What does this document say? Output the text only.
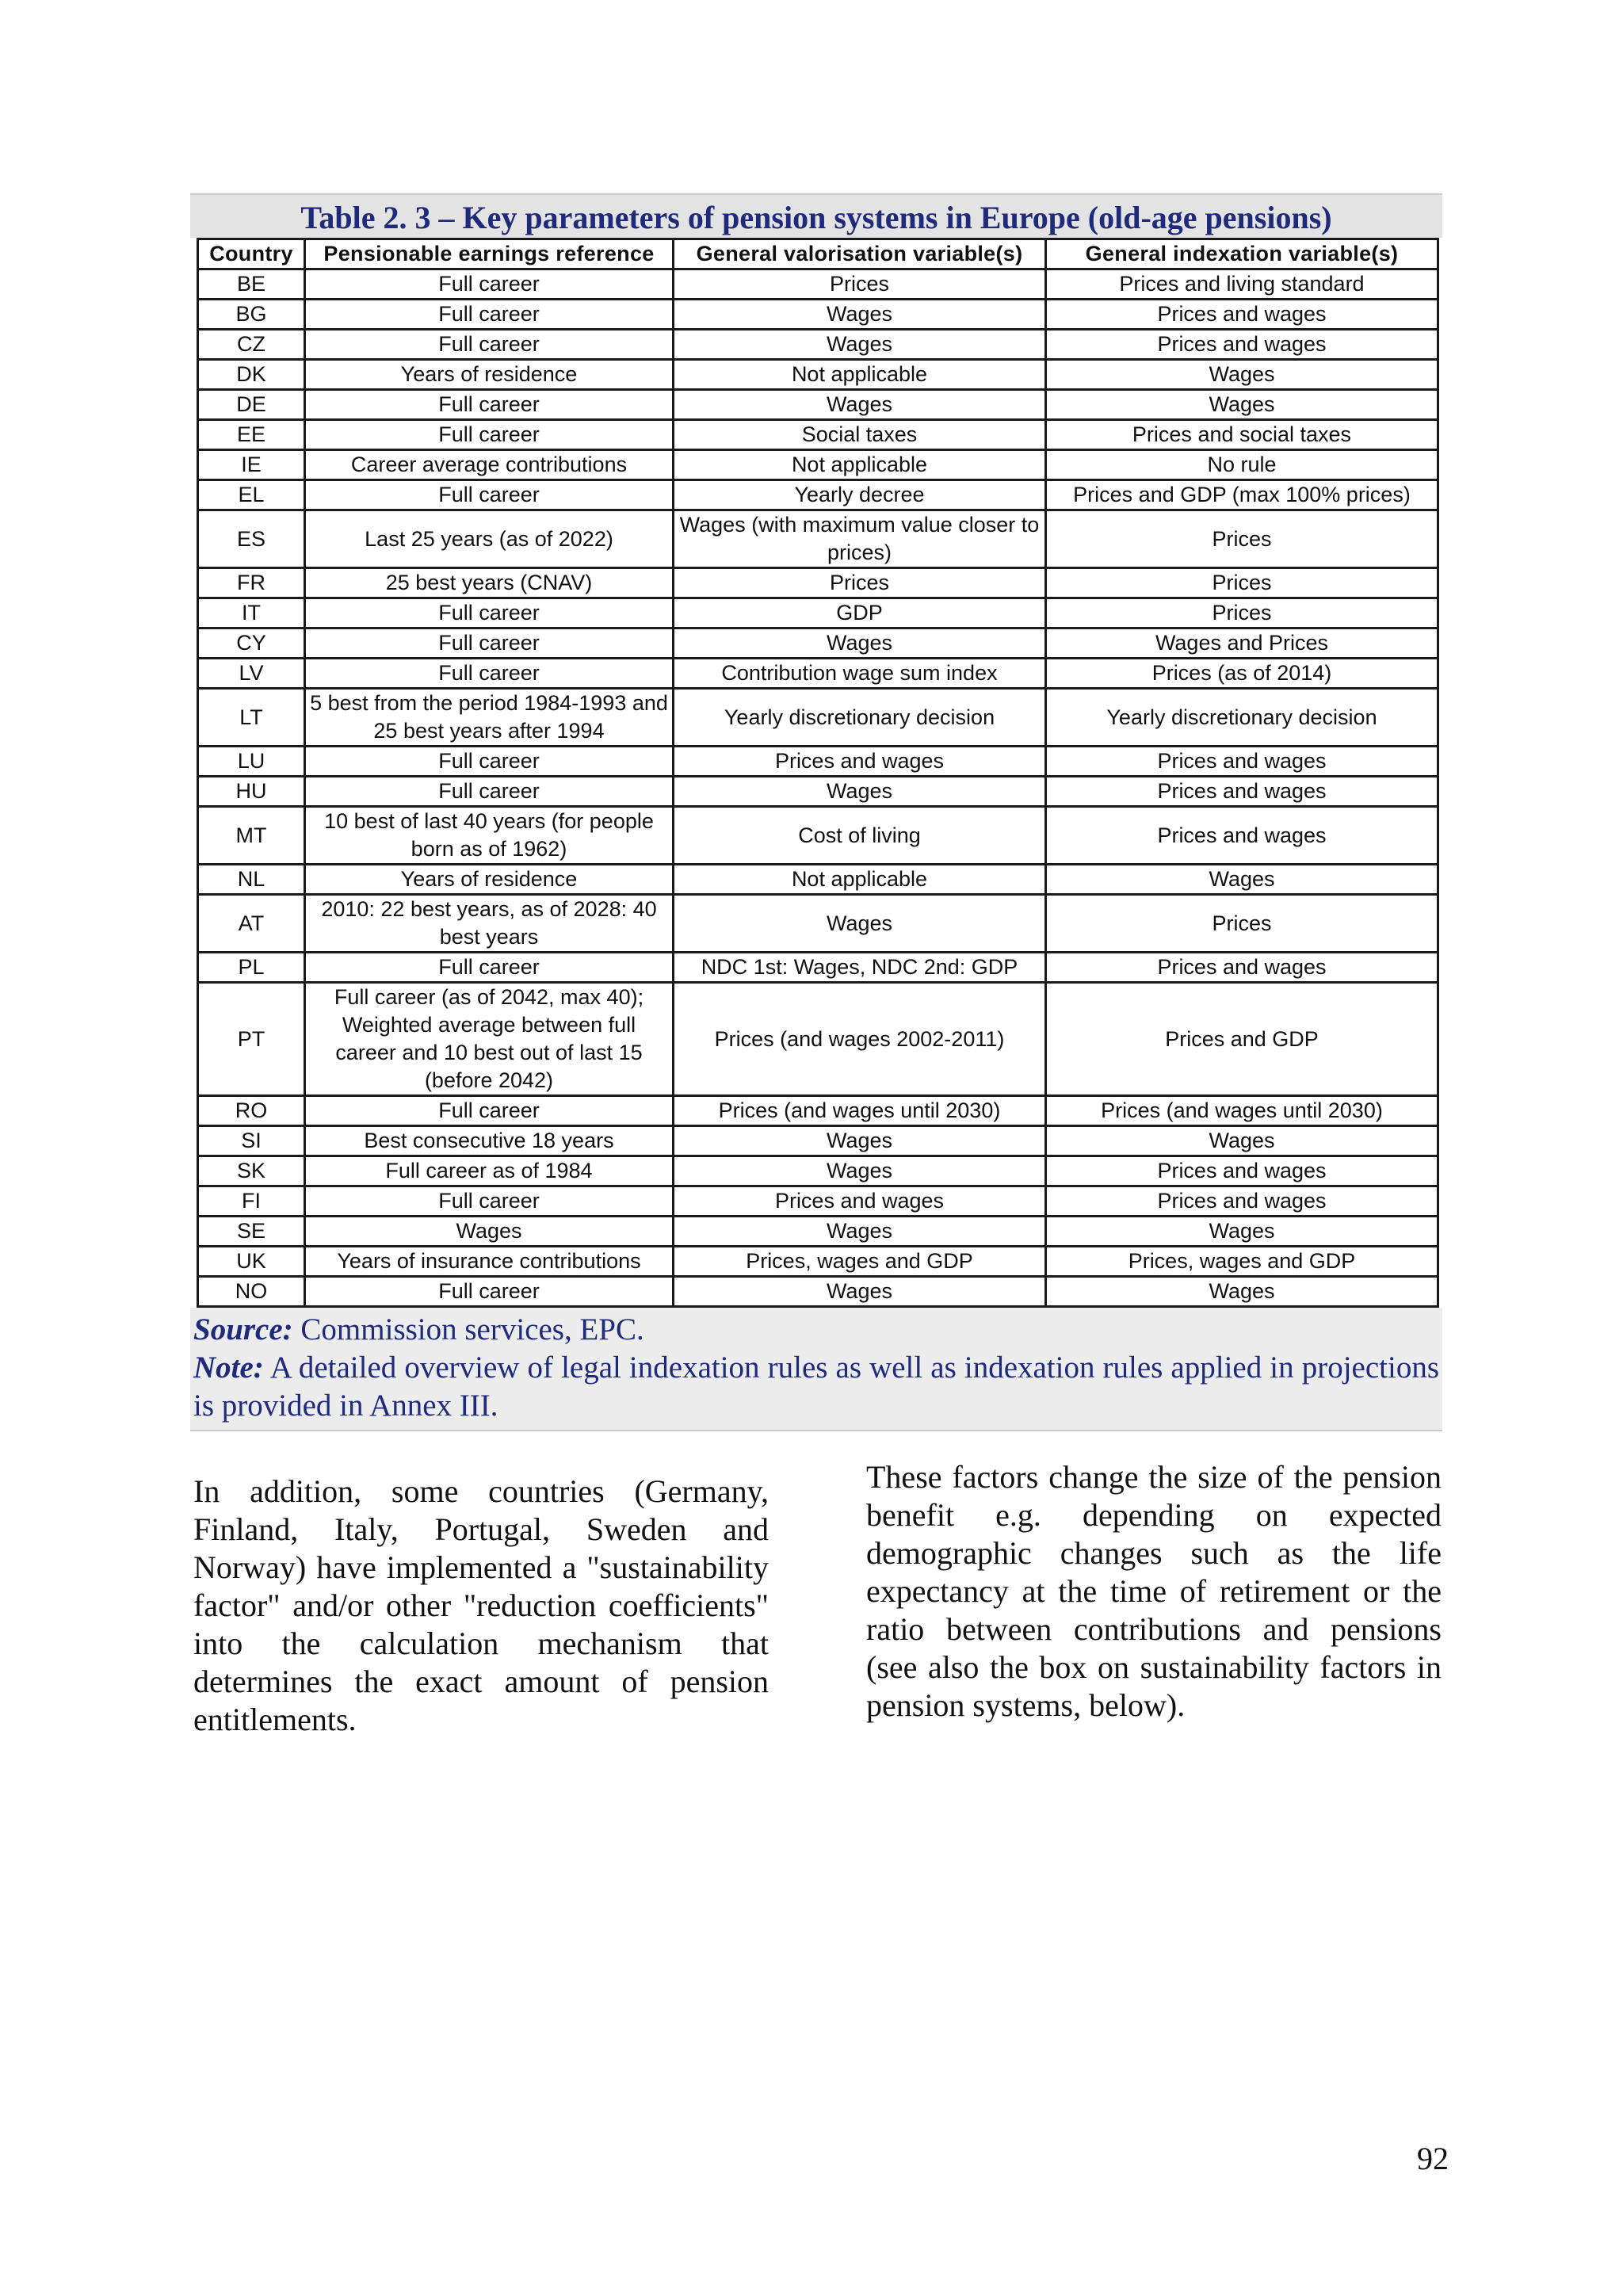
Table 2. 3 – Key parameters of pension systems in Europe (old-age pensions)
Country	Pensionable earnings reference	General valorisation variable(s)	General indexation variable(s)
BE	Full career	Prices	Prices and living standard
BG	Full career	Wages	Prices and wages
CZ	Full career	Wages	Prices and wages
DK	Years of residence	Not applicable	Wages
DE	Full career	Wages	Wages
EE	Full career	Social taxes	Prices and social taxes
IE	Career average contributions	Not applicable	No rule
EL	Full career	Yearly decree	Prices and GDP (max 100% prices)
ES	Last 25 years (as of 2022)	Wages (with maximum value closer to prices)	Prices
FR	25 best years (CNAV)	Prices	Prices
IT	Full career	GDP	Prices
CY	Full career	Wages	Wages and Prices
LV	Full career	Contribution wage sum index	Prices (as of 2014)
LT	5 best from the period 1984-1993 and 25 best years after 1994	Yearly discretionary decision	Yearly discretionary decision
LU	Full career	Prices and wages	Prices and wages
HU	Full career	Wages	Prices and wages
MT	10 best of last 40 years (for people born as of 1962)	Cost of living	Prices and wages
NL	Years of residence	Not applicable	Wages
AT	2010: 22 best years, as of 2028: 40 best years	Wages	Prices
PL	Full career	NDC 1st: Wages, NDC 2nd: GDP	Prices and wages
PT	Full career (as of 2042, max 40); Weighted average between full career and 10 best out of last 15 (before 2042)	Prices (and wages 2002-2011)	Prices and GDP
RO	Full career	Prices (and wages until 2030)	Prices (and wages until 2030)
SI	Best consecutive 18 years	Wages	Wages
SK	Full career as of 1984	Wages	Prices and wages
FI	Full career	Prices and wages	Prices and wages
SE	Wages	Wages	Wages
UK	Years of insurance contributions	Prices, wages and GDP	Prices, wages and GDP
NO	Full career	Wages	Wages
Source: Commission services, EPC.
Note: A detailed overview of legal indexation rules as well as indexation rules applied in projections is provided in Annex III.
In addition, some countries (Germany, Finland, Italy, Portugal, Sweden and Norway) have implemented a "sustainability factor" and/or other "reduction coefficients" into the calculation mechanism that determines the exact amount of pension entitlements.
These factors change the size of the pension benefit e.g. depending on expected demographic changes such as the life expectancy at the time of retirement or the ratio between contributions and pensions (see also the box on sustainability factors in pension systems, below).
92
